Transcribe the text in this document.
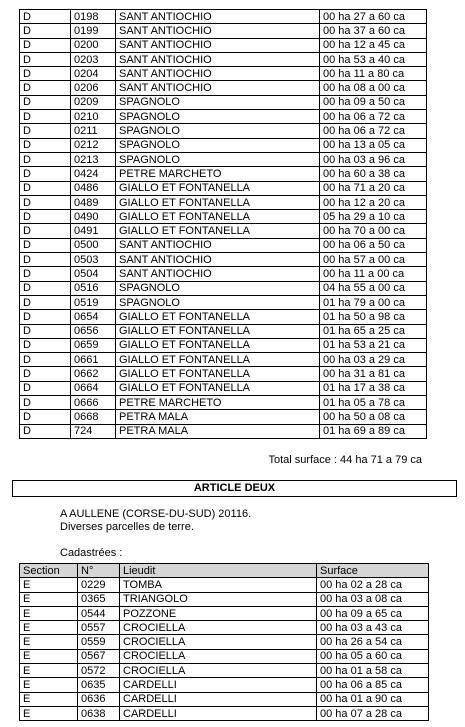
D	0198	SANT ANTIOCHIO	00 ha 27 a 60 ca
D	0199	SANT ANTIOCHIO	00 ha 37 a 60 ca
D	0200	SANT ANTIOCHIO	00 ha 12 a 45 ca
D	0203	SANT ANTIOCHIO	00 ha 53 a 40 ca
D	0204	SANT ANTIOCHIO	00 ha 11 a 80 ca
D	0206	SANT ANTIOCHIO	00 ha 08 a 00 ca
D	0209	SPAGNOLO	00 ha 09 a 50 ca
D	0210	SPAGNOLO	00 ha 06 a 72 ca
D	0211	SPAGNOLO	00 ha 06 a 72 ca
D	0212	SPAGNOLO	00 ha 13 a 05 ca
D	0213	SPAGNOLO	00 ha 03 a 96 ca
D	0424	PETRE MARCHETO	00 ha 60 a 38 ca
D	0486	GIALLO ET FONTANELLA	00 ha 71 a 20 ca
D	0489	GIALLO ET FONTANELLA	00 ha 12 a 20 ca
D	0490	GIALLO ET FONTANELLA	05 ha 29 a 10 ca
D	0491	GIALLO ET FONTANELLA	00 ha 70 a 00 ca
D	0500	SANT ANTIOCHIO	00 ha 06 a 50 ca
D	0503	SANT ANTIOCHIO	00 ha 57 a 00 ca
D	0504	SANT ANTIOCHIO	00 ha 11 a 00 ca
D	0516	SPAGNOLO	04 ha 55 a 00 ca
D	0519	SPAGNOLO	01 ha 79 a 00 ca
D	0654	GIALLO ET FONTANELLA	01 ha 50 a 98 ca
D	0656	GIALLO ET FONTANELLA	01 ha 65 a 25 ca
D	0659	GIALLO ET FONTANELLA	01 ha 53 a 21 ca
D	0661	GIALLO ET FONTANELLA	00 ha 03 a 29 ca
D	0662	GIALLO ET FONTANELLA	00 ha 31 a 81 ca
D	0664	GIALLO ET FONTANELLA	01 ha 17 a 38 ca
D	0666	PETRE MARCHETO	01 ha 05 a 78 ca
D	0668	PETRA MALA	00 ha 50 a 08 ca
D	724	PETRA MALA	01 ha 69 a 89 ca
Total surface : 44 ha 71 a 79 ca
ARTICLE DEUX
A AULLENE (CORSE-DU-SUD) 20116.
Diverses parcelles de terre.
Cadastrées :
Section	N°	Lieudit	Surface
E	0229	TOMBA	00 ha 02 a 28 ca
E	0365	TRIANGOLO	00 ha 03 a 08 ca
E	0544	POZZONE	00 ha 09 a 65 ca
E	0557	CROCIELLA	00 ha 03 a 43 ca
E	0559	CROCIELLA	00 ha 26 a 54 ca
E	0567	CROCIELLA	00 ha 05 a 60 ca
E	0572	CROCIELLA	00 ha 01 a 58 ca
E	0635	CARDELLI	00 ha 06 a 85 ca
E	0636	CARDELLI	00 ha 01 a 90 ca
E	0638	CARDELLI	00 ha 07 a 28 ca
